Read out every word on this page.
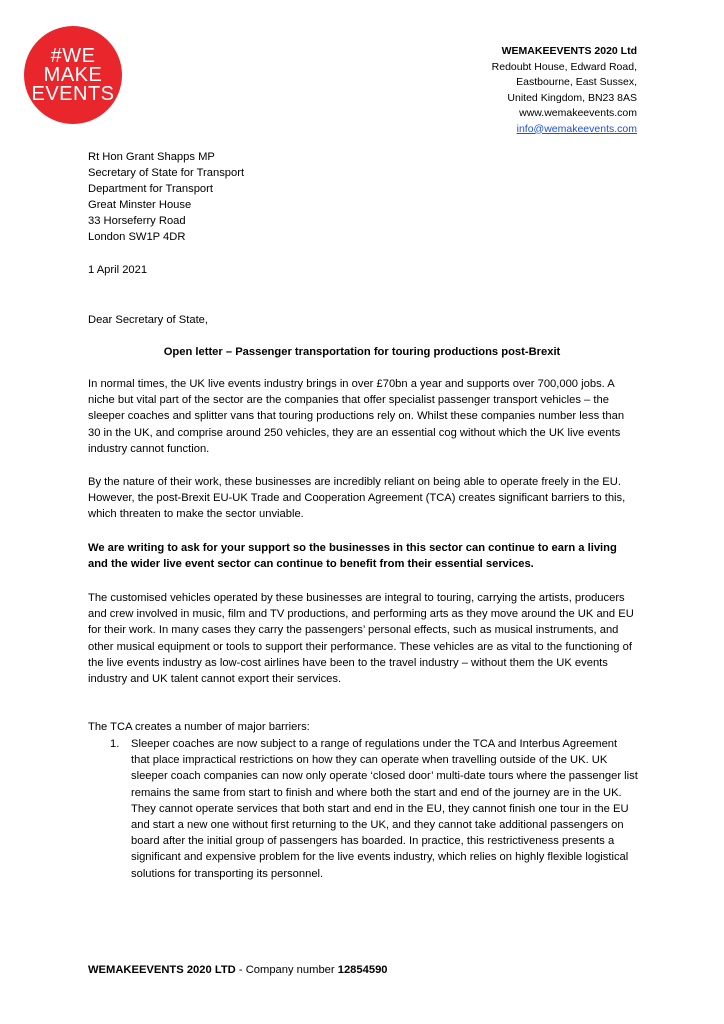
#WE
MAKE
EVENTS
WEMAKEEVENTS 2020 Ltd
Redoubt House, Edward Road,
Eastbourne, East Sussex,
United Kingdom, BN23 8AS
www.wemakeevents.com
info@wemakeevents.com
Rt Hon Grant Shapps MP
Secretary of State for Transport
Department for Transport
Great Minster House
33 Horseferry Road
London SW1P 4DR
1 April 2021
Dear Secretary of State,
Open letter – Passenger transportation for touring productions post-Brexit

In normal times, the UK live events industry brings in over £70bn a year and supports over 700,000 jobs. A niche but vital part of the sector are the companies that offer specialist passenger transport vehicles – the sleeper coaches and splitter vans that touring productions rely on. Whilst these companies number less than 30 in the UK, and comprise around 250 vehicles, they are an essential cog without which the UK live events industry cannot function.

By the nature of their work, these businesses are incredibly reliant on being able to operate freely in the EU. However, the post-Brexit EU-UK Trade and Cooperation Agreement (TCA) creates significant barriers to this, which threaten to make the sector unviable.

We are writing to ask for your support so the businesses in this sector can continue to earn a living and the wider live event sector can continue to benefit from their essential services.

The customised vehicles operated by these businesses are integral to touring, carrying the artists, producers and crew involved in music, film and TV productions, and performing arts as they move around the UK and EU for their work. In many cases they carry the passengers’ personal effects, such as musical instruments, and other musical equipment or tools to support their performance. These vehicles are as vital to the functioning of the live events industry as low-cost airlines have been to the travel industry – without them the UK events industry and UK talent cannot export their services.

The TCA creates a number of major barriers:

1.	Sleeper coaches are now subject to a range of regulations under the TCA and Interbus Agreement that place impractical restrictions on how they can operate when travelling outside of the UK. UK sleeper coach companies can now only operate ‘closed door’ multi-date tours where the passenger list remains the same from start to finish and where both the start and end of the journey are in the UK. They cannot operate services that both start and end in the EU, they cannot finish one tour in the EU and start a new one without first returning to the UK, and they cannot take additional passengers on board after the initial group of passengers has boarded. In practice, this restrictiveness presents a significant and expensive problem for the live events industry, which relies on highly flexible logistical solutions for transporting its personnel.
WEMAKEEVENTS 2020 LTD - Company number 12854590
